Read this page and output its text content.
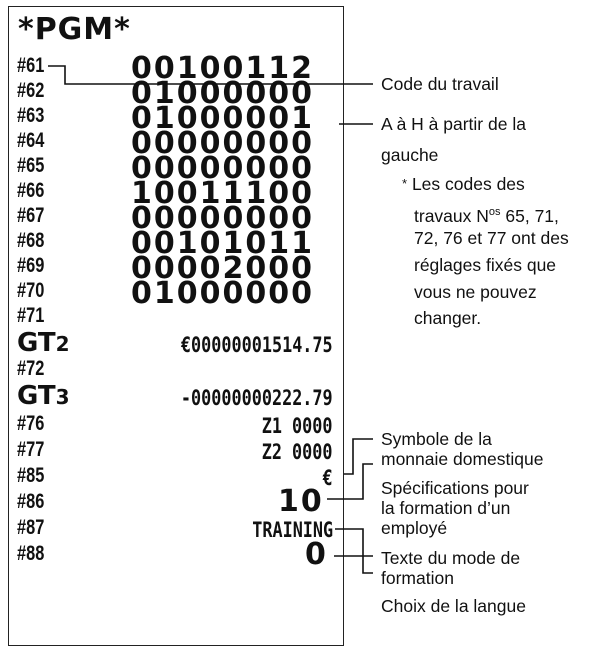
*PGM*
#61	00100112
#62	01000000
#63	01000001
#64	00000000
#65	00000000
#66	10011100
#67	00000000
#68	00101011
#69	00002000
#70	01000000
#71
GT2	€00000001514.75
#72
GT3	-00000000222.79
#76	Z1 0000
#77	Z2 0000
#85	€
#86	10
#87	TRAINING
#88	0
Code du travail
A à H à partir de la
gauche
* Les codes des
travaux $N^{os}$ 65, 71,
72, 76 et 77 ont des
réglages fixés que
vous ne pouvez
changer.
Symbole de la
monnaie domestique
Spécifications pour
la formation d’un
employé
Texte du mode de
formation
Choix de la langue
